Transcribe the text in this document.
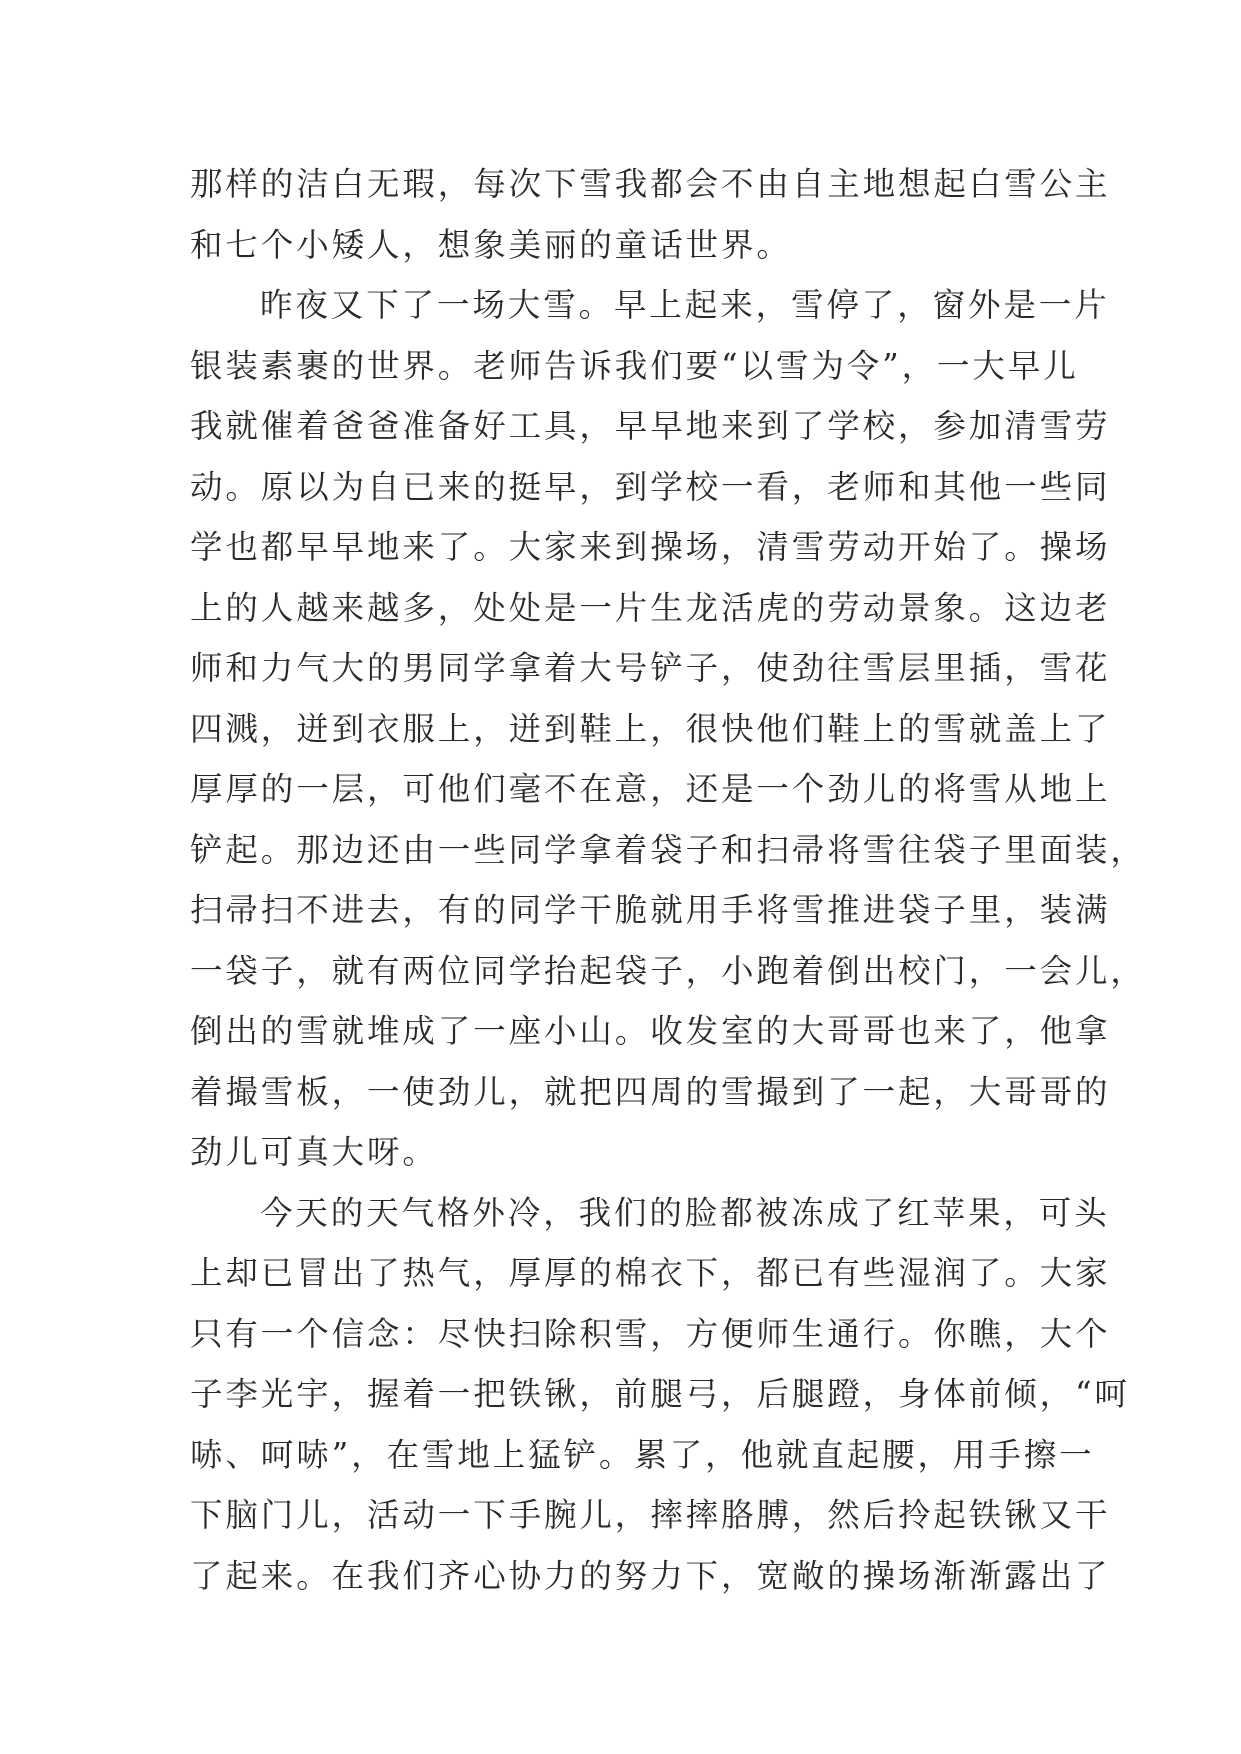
那样的洁白无瑕，每次下雪我都会不由自主地想起白雪公主
和七个小矮人，想象美丽的童话世界。

昨夜又下了一场大雪。早上起来，雪停了，窗外是一片
银装素裹的世界。老师告诉我们要“以雪为令”，一大早儿
我就催着爸爸准备好工具，早早地来到了学校，参加清雪劳
动。原以为自已来的挺早，到学校一看，老师和其他一些同
学也都早早地来了。大家来到操场，清雪劳动开始了。操场
上的人越来越多，处处是一片生龙活虎的劳动景象。这边老
师和力气大的男同学拿着大号铲子，使劲往雪层里插，雪花
四溅，迸到衣服上，迸到鞋上，很快他们鞋上的雪就盖上了
厚厚的一层，可他们毫不在意，还是一个劲儿的将雪从地上
铲起。那边还由一些同学拿着袋子和扫帚将雪往袋子里面装，
扫帚扫不进去，有的同学干脆就用手将雪推进袋子里，装满
一袋子，就有两位同学抬起袋子，小跑着倒出校门，一会儿，
倒出的雪就堆成了一座小山。收发室的大哥哥也来了，他拿
着撮雪板，一使劲儿，就把四周的雪撮到了一起，大哥哥的
劲儿可真大呀。

今天的天气格外冷，我们的脸都被冻成了红苹果，可头
上却已冒出了热气，厚厚的棉衣下，都已有些湿润了。大家
只有一个信念：尽快扫除积雪，方便师生通行。你瞧，大个
子李光宇，握着一把铁锹，前腿弓，后腿蹬，身体前倾，“呵
哧、呵哧”，在雪地上猛铲。累了，他就直起腰，用手擦一
下脑门儿，活动一下手腕儿，摔摔胳膊，然后拎起铁锹又干
了起来。在我们齐心协力的努力下，宽敞的操场渐渐露出了
